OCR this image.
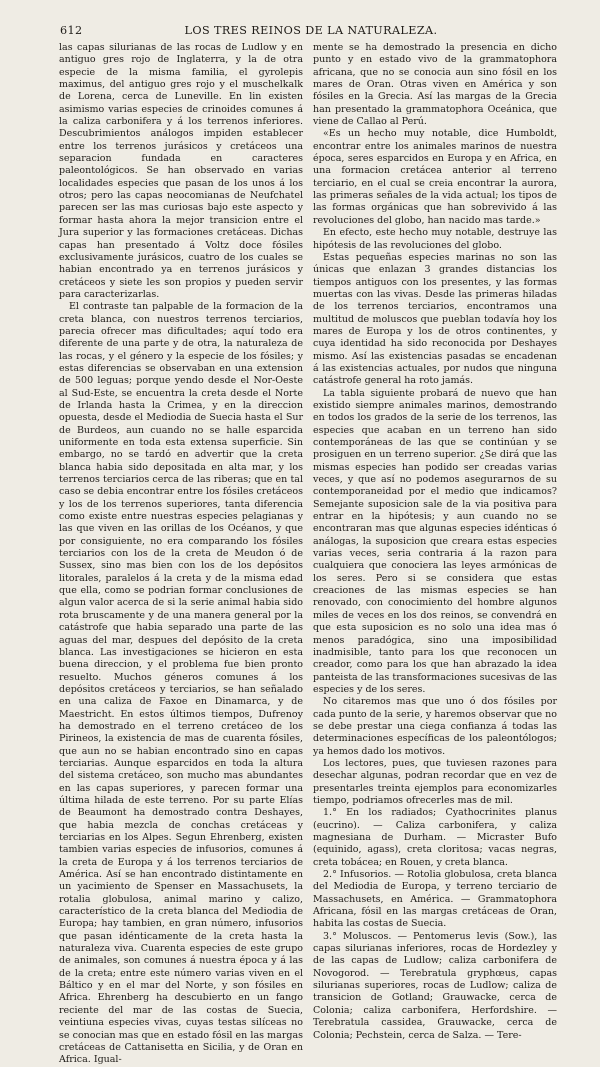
612	LOS TRES REINOS DE LA NATURALEZA.

las capas silurianas de las rocas de Ludlow y en antiguo gres rojo de Inglaterra, y la de otra especie de la misma familia, el gyrolepis maximus, del antiguo gres rojo y el muschelkalk de Lorena, cerca de Luneville. En lin existen asimismo varias especies de crinoides comunes á la caliza carbonifera y á los terrenos inferiores. Descubrimientos análogos impiden establecer entre los terrenos jurásicos y cretáceos una separacion fundada en caracteres paleontológicos. Se han observado en varias localidades especies que pasan de los unos á los otros; pero las capas neocomianas de Neufchatel parecen ser las mas curiosas bajo este aspecto y formar hasta ahora la mejor transicion entre el Jura superior y las formaciones cretáceas. Dichas capas han presentado á Voltz doce fósiles exclusivamente jurásicos, cuatro de los cuales se habian encontrado ya en terrenos jurásicos y cretáceos y siete les son propios y pueden servir para caracterizarlas.

El contraste tan palpable de la formacion de la creta blanca, con nuestros terrenos terciarios, parecia ofrecer mas dificultades; aquí todo era diferente de una parte y de otra, la naturaleza de las rocas, y el género y la especie de los fósiles; y estas diferencias se observaban en una extension de 500 leguas; porque yendo desde el Nor-Oeste al Sud-Este, se encuentra la creta desde el Norte de Irlanda hasta la Crimea, y en la direccion opuesta, desde el Mediodia de Suecia hasta el Sur de Burdeos, aun cuando no se halle esparcida uniformente en toda esta extensa superficie. Sin embargo, no se tardó en advertir que la creta blanca habia sido depositada en alta mar, y los terrenos terciarios cerca de las riberas; que en tal caso se debia encontrar entre los fósiles cretáceos y los de los terrenos superiores, tanta diferencia como existe entre nuestras especies pelagianas y las que viven en las orillas de los Océanos, y que por consiguiente, no era comparando los fósiles terciarios con los de la creta de Meudon ó de Sussex, sino mas bien con los de los depósitos litorales, paralelos á la creta y de la misma edad que ella, como se podrian formar conclusiones de algun valor acerca de si la serie animal habia sido rota bruscamente y de una manera general por la catástrofe que habia separado una parte de las aguas del mar, despues del depósito de la creta blanca. Las investigaciones se hicieron en esta buena direccion, y el problema fue bien pronto resuelto. Muchos géneros comunes á los depósitos cretáceos y terciarios, se han señalado en una caliza de Faxoe en Dinamarca, y de Maestricht. En estos últimos tiempos, Dufrenoy ha demostrado en el terreno cretáceo de los Pirineos, la existencia de mas de cuarenta fósiles, que aun no se habian encontrado sino en capas terciarias. Aunque esparcidos en toda la altura del sistema cretáceo, son mucho mas abundantes en las capas superiores, y parecen formar una última hilada de este terreno. Por su parte Elías de Beaumont ha demostrado contra Deshayes, que habia mezcla de conchas cretáceas y terciarias en los Alpes. Segun Ehrenberg, existen tambien varias especies de infusorios, comunes á la creta de Europa y á los terrenos terciarios de América. Así se han encontrado distintamente en un yacimiento de Spenser en Massachusets, la rotalia globulosa, animal marino y calizo, característico de la creta blanca del Mediodia de Europa; hay tambien, en gran número, infusorios que pasan idénticamente de la creta hasta la naturaleza viva. Cuarenta especies de este grupo de animales, son comunes á nuestra época y á las de la creta; entre este número varias viven en el Báltico y en el mar del Norte, y son fósiles en Africa. Ehrenberg ha descubierto en un fango reciente del mar de las costas de Suecia, veintiuna especies vivas, cuyas testas silíceas no se conocian mas que en estado fósil en las margas cretáceas de Cattanisetta en Sicilia, y de Oran en Africa. Igual-

mente se ha demostrado la presencia en dicho punto y en estado vivo de la grammatophora africana, que no se conocia aun sino fósil en los mares de Oran. Otras viven en América y son fósiles en la Grecia. Así las margas de la Grecia han presentado la grammatophora Oceánica, que viene de Callao al Perú.

«Es un hecho muy notable, dice Humboldt, encontrar entre los animales marinos de nuestra época, seres esparcidos en Europa y en Africa, en una formacion cretácea anterior al terreno terciario, en el cual se creia encontrar la aurora, las primeras señales de la vida actual; los tipos de las formas orgánicas que han sobrevivido á las revoluciones del globo, han nacido mas tarde.»

En efecto, este hecho muy notable, destruye las hipótesis de las revoluciones del globo.

Estas pequeñas especies marinas no son las únicas que enlazan 3 grandes distancias los tiempos antiguos con los presentes, y las formas muertas con las vivas. Desde las primeras hiladas de los terrenos terciarios, encontramos una multitud de moluscos que pueblan todavía hoy los mares de Europa y los de otros continentes, y cuya identidad ha sido reconocida por Deshayes mismo. Así las existencias pasadas se encadenan á las existencias actuales, por nudos que ninguna catástrofe general ha roto jamás.

La tabla siguiente probará de nuevo que han existido siempre animales marinos, demostrando en todos los grados de la serie de los terrenos, las especies que acaban en un terreno han sido contemporáneas de las que se continúan y se prosiguen en un terreno superior. ¿Se dirá que las mismas especies han podido ser creadas varias veces, y que así no podemos asegurarnos de su contemporaneidad por el medio que indicamos? Semejante suposicion sale de la via positiva para entrar en la hipótesis; y aun cuando no se encontraran mas que algunas especies idénticas ó análogas, la suposicion que creara estas especies varias veces, seria contraria á la razon para cualquiera que conociera las leyes armónicas de los seres. Pero si se considera que estas creaciones de las mismas especies se han renovado, con conocimiento del hombre algunos miles de veces en los dos reinos, se convendrá en que esta suposicion es no solo una idea mas ó menos paradógica, sino una imposibilidad inadmisible, tanto para los que reconocen un creador, como para los que han abrazado la idea panteista de las transformaciones sucesivas de las especies y de los seres.

No citaremos mas que uno ó dos fósiles por cada punto de la serie, y haremos observar que no se debe prestar una ciega confianza á todas las determinaciones específicas de los paleontólogos; ya hemos dado los motivos.

Los lectores, pues, que tuviesen razones para desechar algunas, podran recordar que en vez de presentarles treinta ejemplos para economizarles tiempo, podriamos ofrecerles mas de mil.

1.° En los radiados; Cyathocrinites planus (eucrino). — Caliza carbonifera, y caliza magnesiana de Durham. — Micraster Bufo (equinido, agass), creta cloritosa; vacas negras, creta tobácea; en Rouen, y creta blanca.

2.° Infusorios. — Rotolia globulosa, creta blanca del Mediodia de Europa, y terreno terciario de Massachusets, en América. — Grammatophora Africana, fósil en las margas cretáceas de Oran, habita las costas de Suecia.

3.° Moluscos. — Pentomerus levis (Sow.), las capas silurianas inferiores, rocas de Hordezley y de las capas de Ludlow; caliza carbonifera de Novogorod. — Terebratula gryphœus, capas silurianas superiores, rocas de Ludlow; caliza de transicion de Gotland; Grauwacke, cerca de Colonia; caliza carbonifera, Herfordshire. — Terebratula cassidea, Grauwacke, cerca de Colonia; Pechstein, cerca de Salza. — Tere-
